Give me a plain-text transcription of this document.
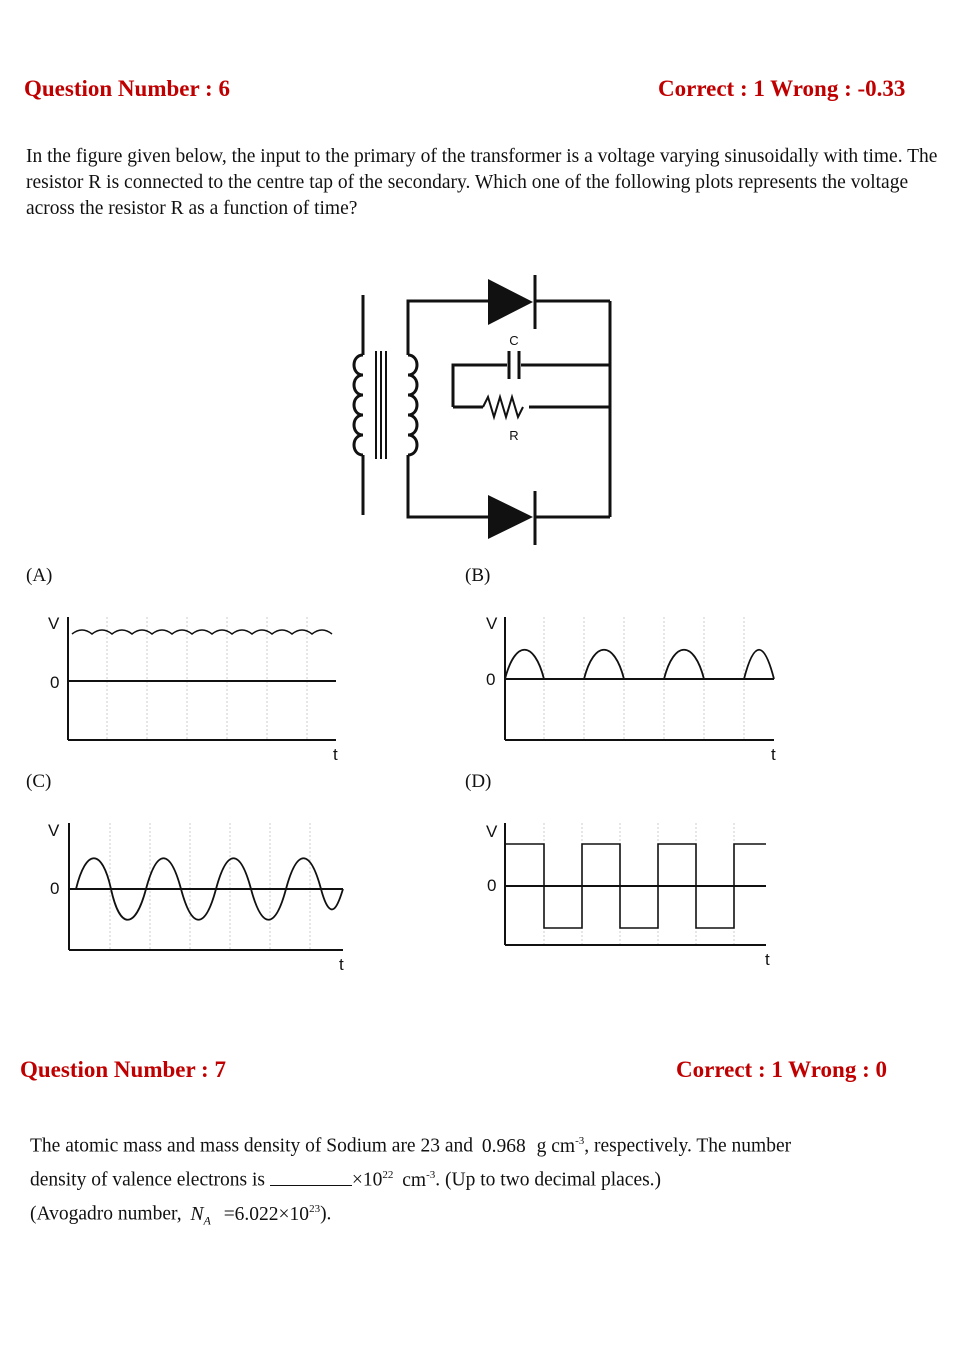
Question Number : 6	Correct : 1 Wrong : -0.33
In the figure given below, the input to the primary of the transformer is a voltage varying sinusoidally with time. The resistor R is connected to the centre tap of the secondary. Which one of the following plots represents the voltage across the resistor R as a function of time?
C
R
(A)	(B)
(C)	(D)
V
0
t
V
0
t
V
0
t
V
0
t
Question Number : 7	Correct : 1 Wrong : 0
The atomic mass and mass density of Sodium are 23 and 0.968 g $cm^{-3}$, respectively. The number
density of valence electrons is	$\times 10^{22}$ $cm^{-3}$. (Up to two decimal places.)
(Avogadro number, $N_A =6.022\times 10^{23}$).
